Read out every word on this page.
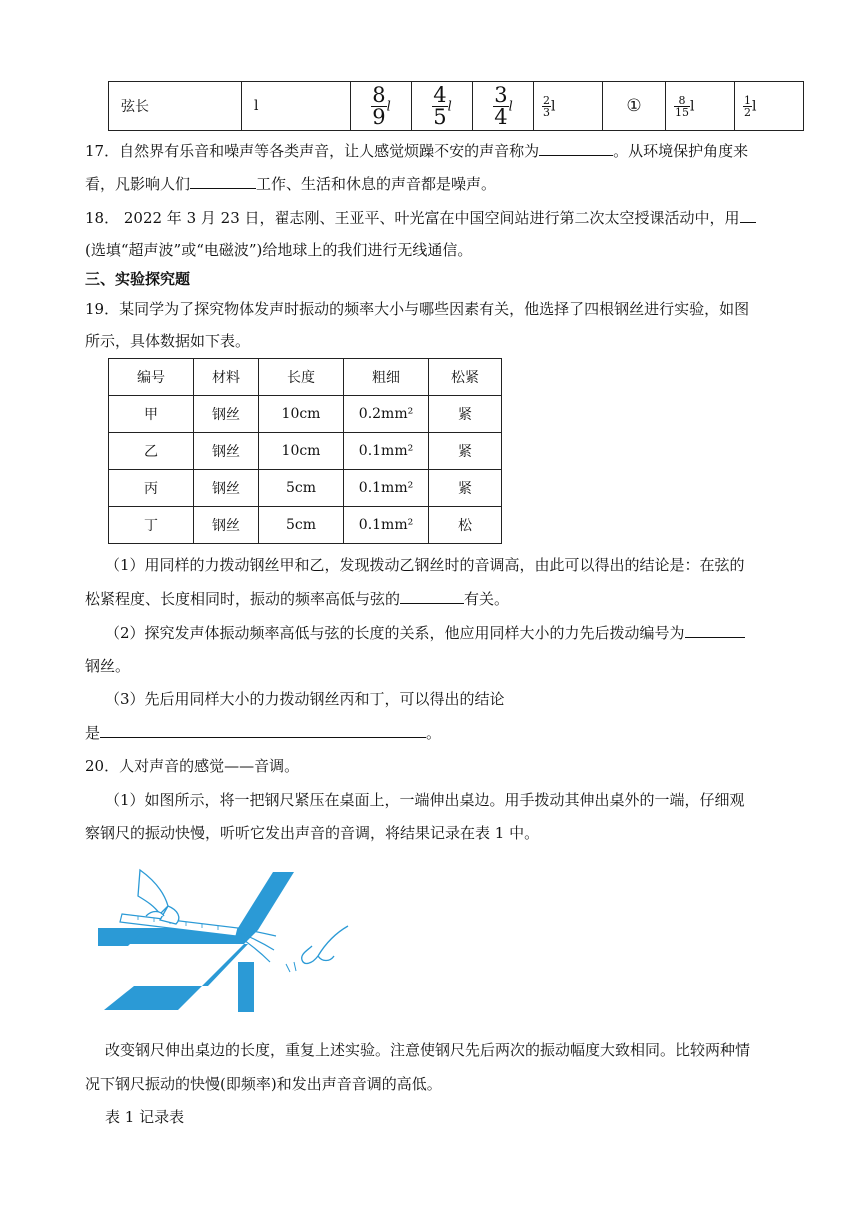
弦长	l	$\frac{8}{9}$ l	$\frac{4}{5}$ l	$\frac{3}{4}$ l	$\frac{2}{3}$ l	①	$\frac{8}{15}$ l	$\frac{1}{2}$ l
17．自然界有乐音和噪声等各类声音，让人感觉烦躁不安的声音称为	。从环境保护角度来
看，凡影响人们	工作、生活和休息的声音都是噪声。
18． 2022 年 3 月 23 日，翟志刚、王亚平、叶光富在中国空间站进行第二次太空授课活动中，用
(选填“超声波”或“电磁波”)给地球上的我们进行无线通信。
三、实验探究题
19．某同学为了探究物体发声时振动的频率大小与哪些因素有关，他选择了四根钢丝进行实验，如图
所示，具体数据如下表。
编号	材料	长度	粗细	松紧
甲	钢丝	10cm	0.2mm²	紧
乙	钢丝	10cm	0.1mm²	紧
丙	钢丝	5cm	0.1mm²	紧
丁	钢丝	5cm	0.1mm²	松
（1）用同样的力拨动钢丝甲和乙，发现拨动乙钢丝时的音调高，由此可以得出的结论是：在弦的
松紧程度、长度相同时，振动的频率高低与弦的	有关。
（2）探究发声体振动频率高低与弦的长度的关系，他应用同样大小的力先后拨动编号为
钢丝。
（3）先后用同样大小的力拨动钢丝丙和丁，可以得出的结论
是	。
20．人对声音的感觉——音调。
（1）如图所示，将一把钢尺紧压在桌面上，一端伸出桌边。用手拨动其伸出桌外的一端，仔细观
察钢尺的振动快慢，听听它发出声音的音调，将结果记录在表 1 中。
改变钢尺伸出桌边的长度，重复上述实验。注意使钢尺先后两次的振动幅度大致相同。比较两种情
况下钢尺振动的快慢(即频率)和发出声音音调的高低。
表 1 记录表
